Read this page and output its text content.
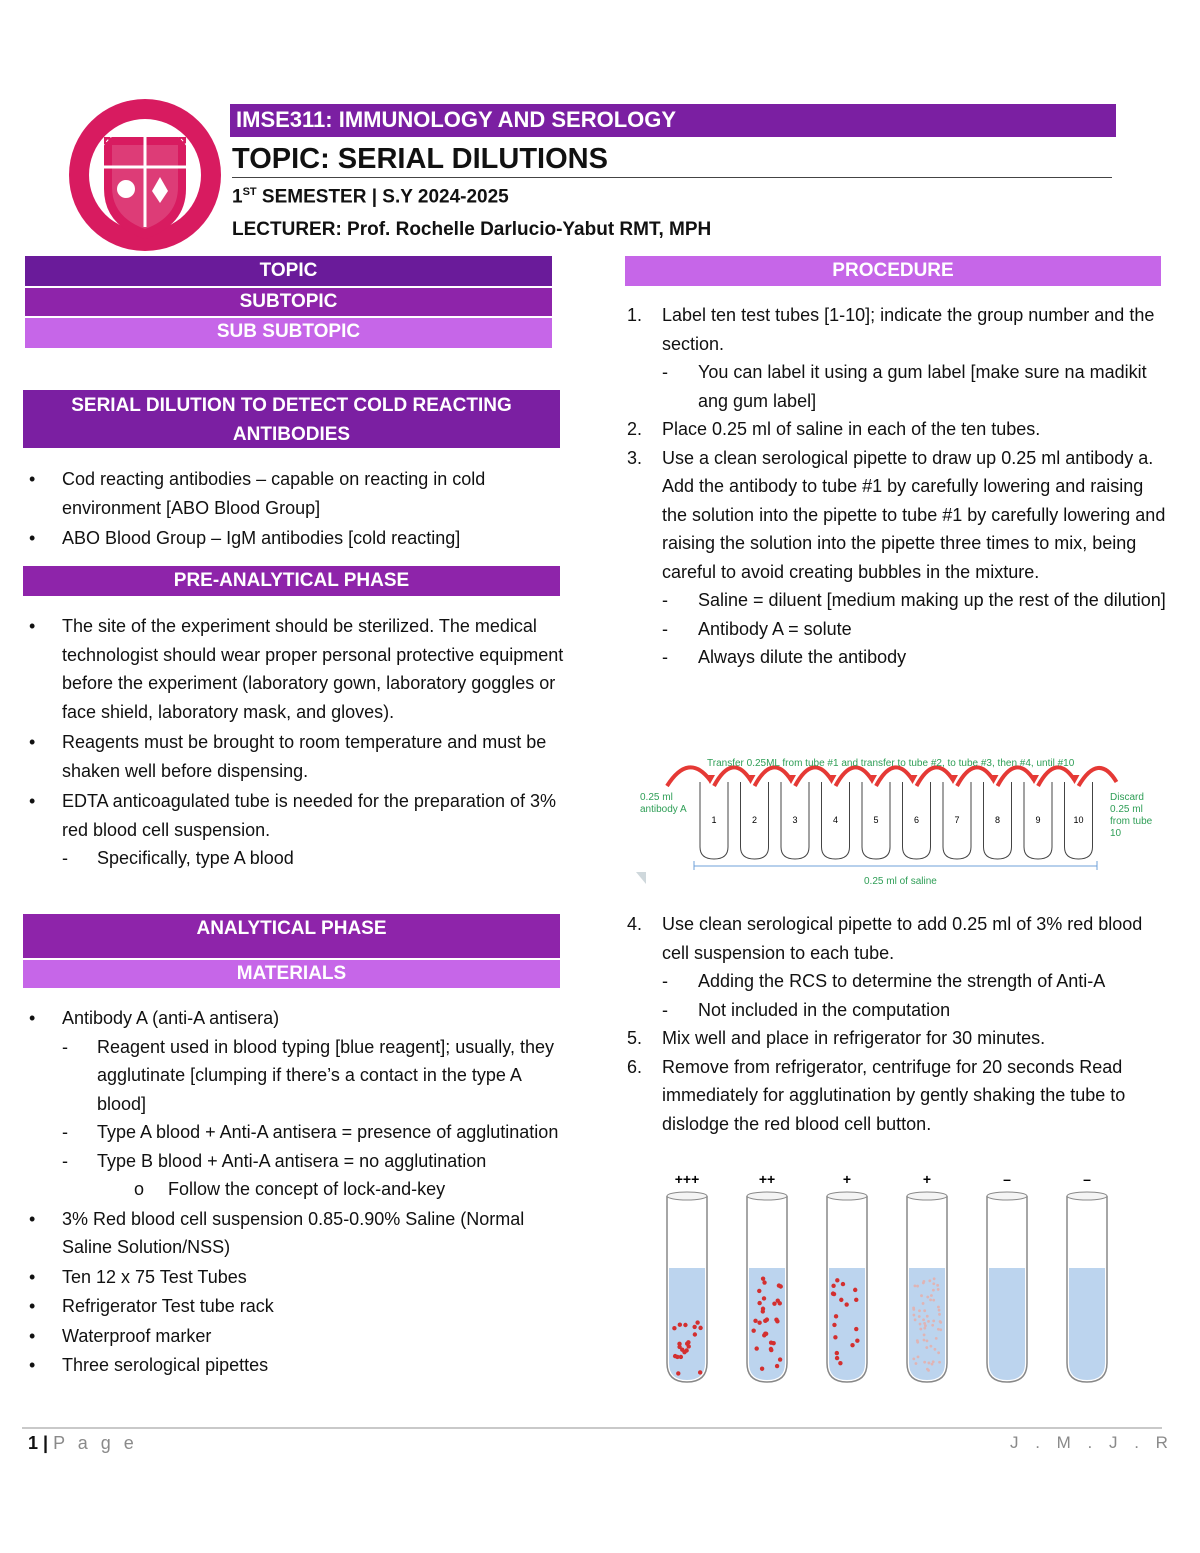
IMSE311: IMMUNOLOGY AND SEROLOGY
TOPIC: SERIAL DILUTIONS
1ST SEMESTER | S.Y 2024-2025
LECTURER: Prof. Rochelle Darlucio-Yabut RMT, MPH
TOPIC
SUBTOPIC
SUB SUBTOPIC
SERIAL DILUTION TO DETECT COLD REACTING
ANTIBODIES
• Cod reacting antibodies – capable on reacting in cold environment [ABO Blood Group]
• ABO Blood Group – IgM antibodies [cold reacting]
PRE-ANALYTICAL PHASE
• The site of the experiment should be sterilized. The medical technologist should wear proper personal protective equipment before the experiment (laboratory gown, laboratory goggles or face shield, laboratory mask, and gloves).
• Reagents must be brought to room temperature and must be shaken well before dispensing.
• EDTA anticoagulated tube is needed for the preparation of 3% red blood cell suspension.
- Specifically, type A blood
ANALYTICAL PHASE
MATERIALS
• Antibody A (anti-A antisera)
- Reagent used in blood typing [blue reagent]; usually, they agglutinate [clumping if there’s a contact in the type A blood]
- Type A blood + Anti-A antisera = presence of agglutination
- Type B blood + Anti-A antisera = no agglutination
o Follow the concept of lock-and-key
• 3% Red blood cell suspension 0.85-0.90% Saline (Normal Saline Solution/NSS)
• Ten 12 x 75 Test Tubes
• Refrigerator Test tube rack
• Waterproof marker
• Three serological pipettes
PROCEDURE
1. Label ten test tubes [1-10]; indicate the group number and the section.
- You can label it using a gum label [make sure na madikit ang gum label]
2. Place 0.25 ml of saline in each of the ten tubes.
3. Use a clean serological pipette to draw up 0.25 ml antibody a. Add the antibody to tube #1 by carefully lowering and raising the solution into the pipette to tube #1 by carefully lowering and raising the solution into the pipette three times to mix, being careful to avoid creating bubbles in the mixture.
- Saline = diluent [medium making up the rest of the dilution]
- Antibody A = solute
- Always dilute the antibody
1	2	3	4	5	6	7	8	9	10
Transfer 0.25ML from tube #1 and transfer to tube #2, to tube #3, then #4, until #10
0.25 ml
antibody A
Discard
0.25 ml
from tube
10
0.25 ml of saline
4. Use clean serological pipette to add 0.25 ml of 3% red blood cell suspension to each tube.
- Adding the RCS to determine the strength of Anti-A
- Not included in the computation
5. Mix well and place in refrigerator for 30 minutes.
6. Remove from refrigerator, centrifuge for 20 seconds Read immediately for agglutination by gently shaking the tube to dislodge the red blood cell button.
+++	++	+	+	–	–
1 | P a g e	J . M . J . R
